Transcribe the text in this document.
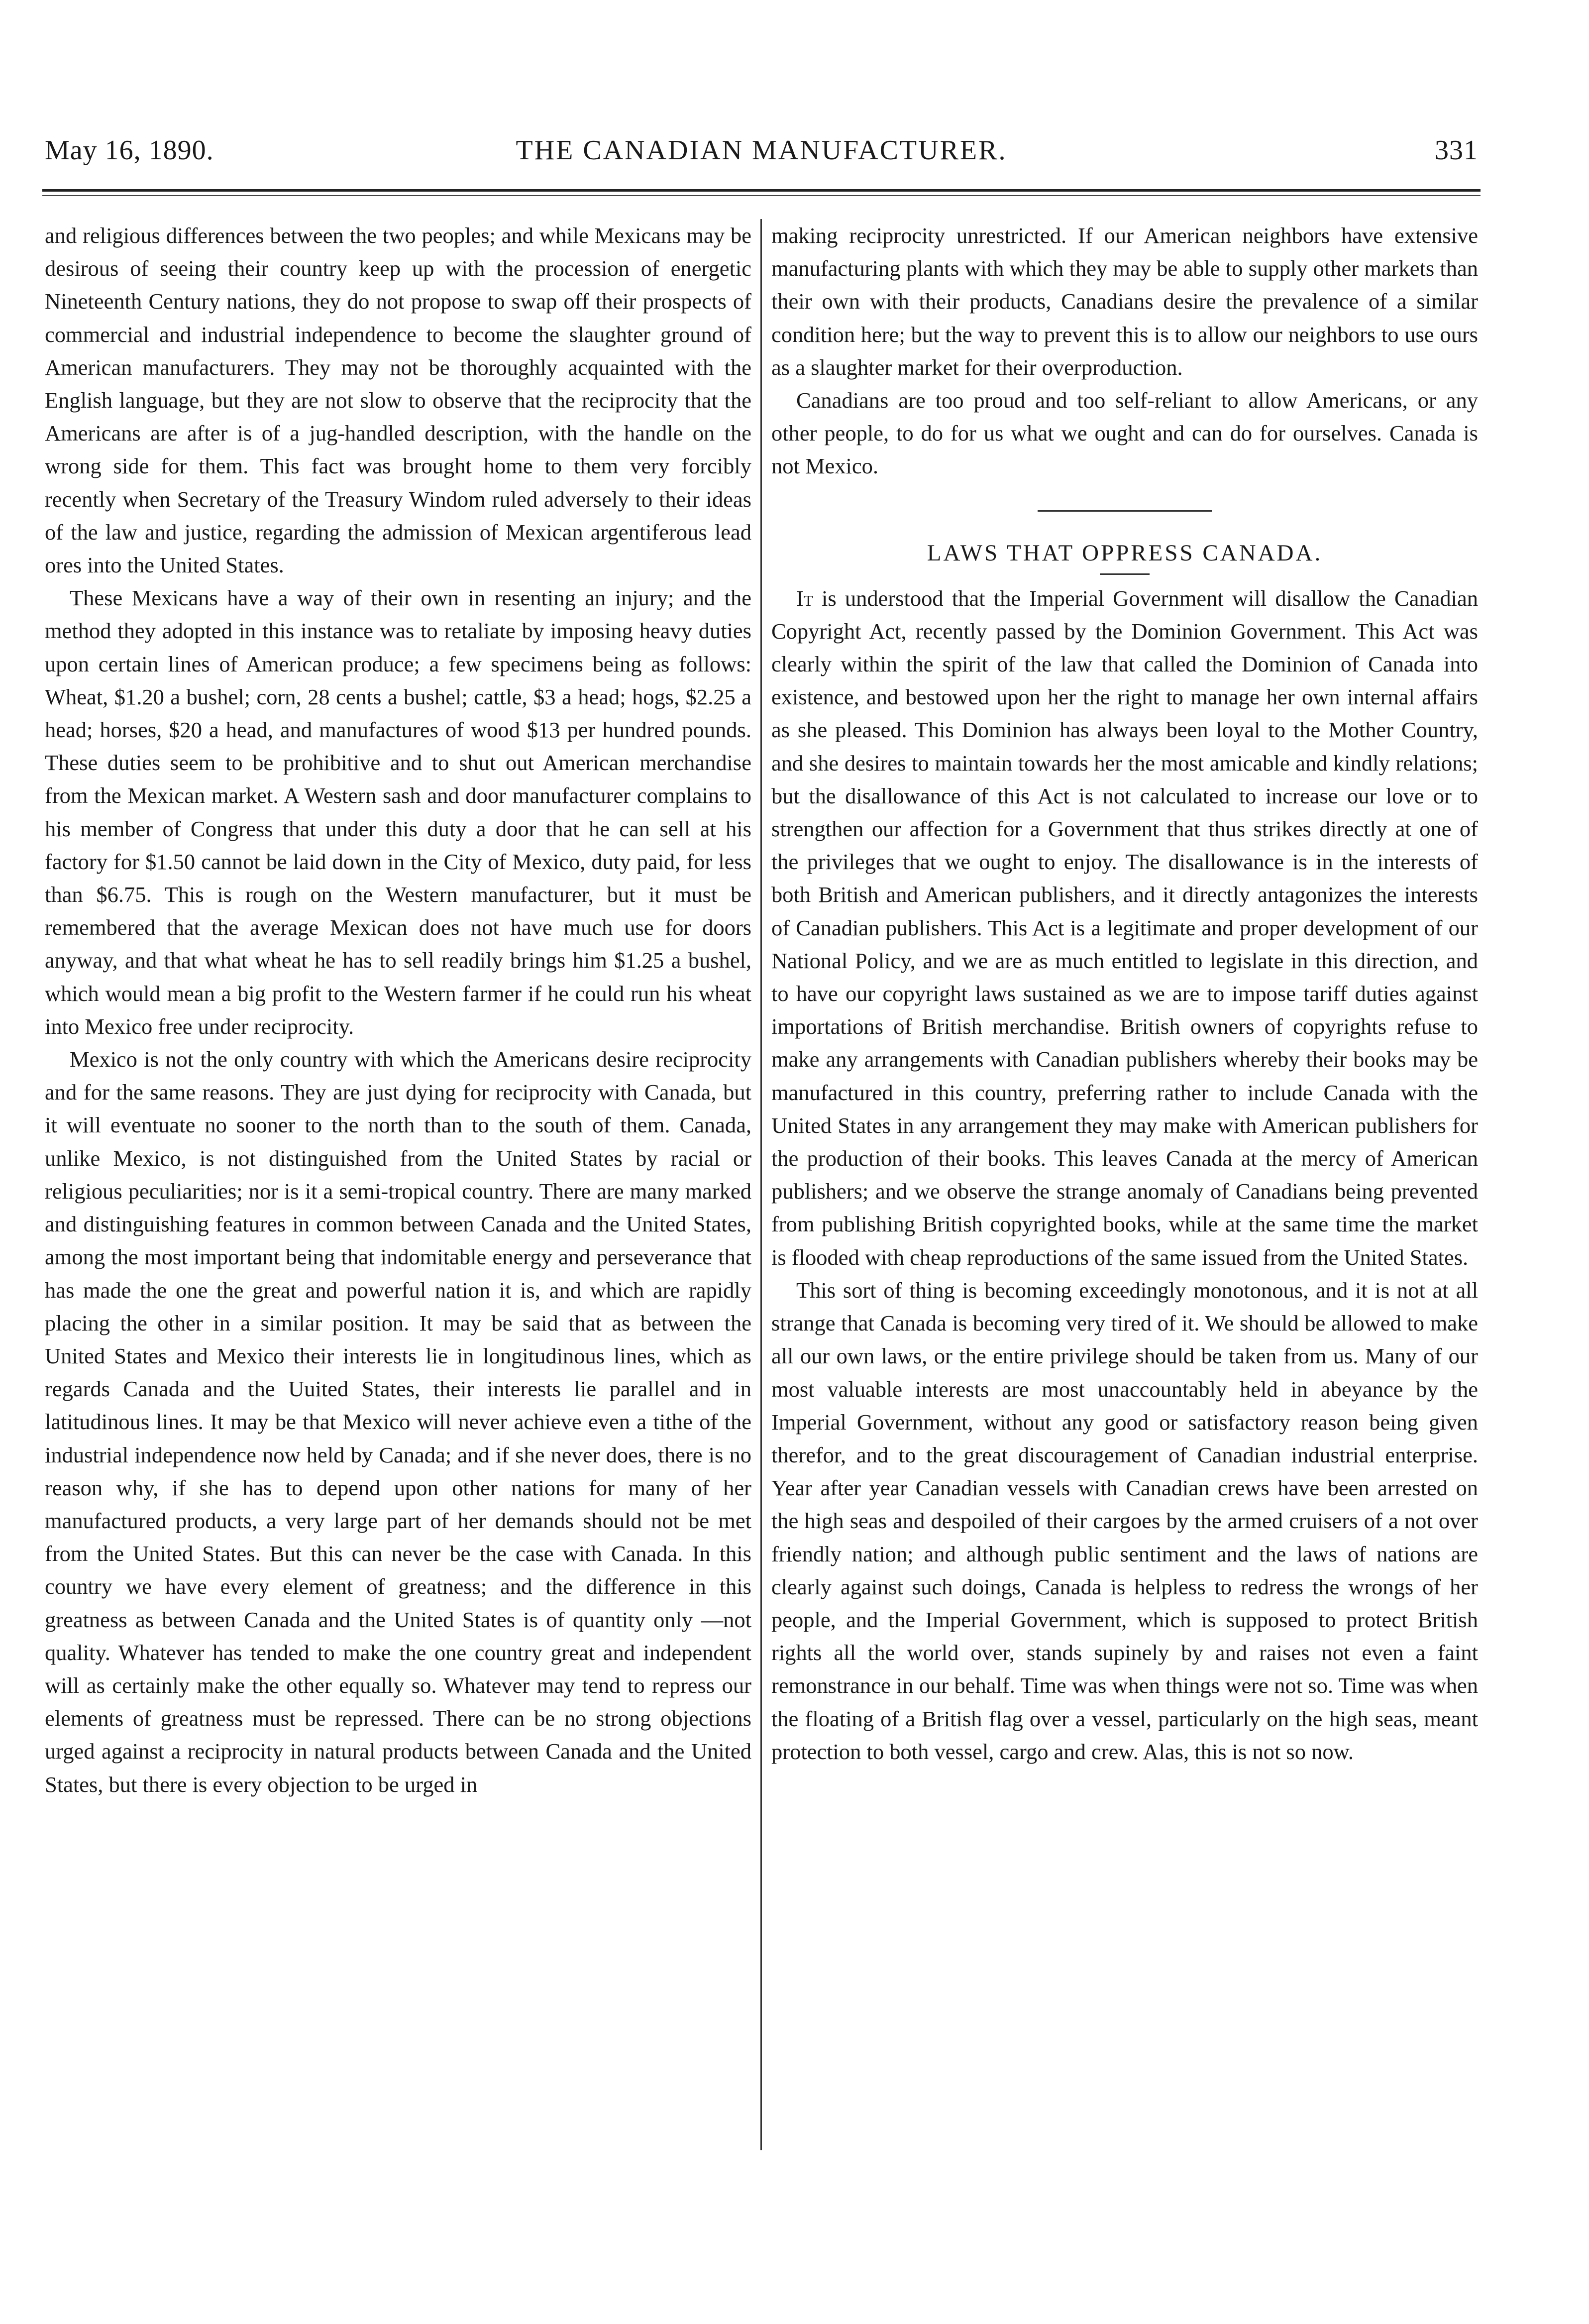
May 16, 1890.	THE CANADIAN MANUFACTURER.	331

and religious differences between the two peoples; and while Mexicans may be desirous of seeing their country keep up with the procession of energetic Nineteenth Century nations, they do not propose to swap off their prospects of commercial and industrial independence to become the slaughter ground of American manufacturers. They may not be thoroughly acquainted with the English language, but they are not slow to observe that the reciprocity that the Americans are after is of a jug-handled description, with the handle on the wrong side for them. This fact was brought home to them very forcibly recently when Secretary of the Treasury Windom ruled adversely to their ideas of the law and justice, regarding the admission of Mexican argentiferous lead ores into the United States.

These Mexicans have a way of their own in resenting an injury; and the method they adopted in this instance was to retaliate by imposing heavy duties upon certain lines of American produce; a few specimens being as follows: Wheat, $1.20 a bushel; corn, 28 cents a bushel; cattle, $3 a head; hogs, $2.25 a head; horses, $20 a head, and manufactures of wood $13 per hundred pounds. These duties seem to be prohibitive and to shut out American merchandise from the Mexican market. A Western sash and door manufacturer complains to his member of Congress that under this duty a door that he can sell at his factory for $1.50 cannot be laid down in the City of Mexico, duty paid, for less than $6.75. This is rough on the Western manufacturer, but it must be remembered that the average Mexican does not have much use for doors anyway, and that what wheat he has to sell readily brings him $1.25 a bushel, which would mean a big profit to the Western farmer if he could run his wheat into Mexico free under reciprocity.

Mexico is not the only country with which the Americans desire reciprocity and for the same reasons. They are just dying for reciprocity with Canada, but it will eventuate no sooner to the north than to the south of them. Canada, unlike Mexico, is not distinguished from the United States by racial or religious peculiarities; nor is it a semi-tropical country. There are many marked and distinguishing features in common between Canada and the United States, among the most important being that indomitable energy and perseverance that has made the one the great and powerful nation it is, and which are rapidly placing the other in a similar position. It may be said that as between the United States and Mexico their interests lie in longitudinous lines, which as regards Canada and the Uuited States, their interests lie parallel and in latitudinous lines. It may be that Mexico will never achieve even a tithe of the industrial independence now held by Canada; and if she never does, there is no reason why, if she has to depend upon other nations for many of her manufactured products, a very large part of her demands should not be met from the United States. But this can never be the case with Canada. In this country we have every element of greatness; and the difference in this greatness as between Canada and the United States is of quantity only —not quality. Whatever has tended to make the one country great and independent will as certainly make the other equally so. Whatever may tend to repress our elements of greatness must be repressed. There can be no strong objections urged against a reciprocity in natural products between Canada and the United States, but there is every objection to be urged in

making reciprocity unrestricted. If our American neighbors have extensive manufacturing plants with which they may be able to supply other markets than their own with their products, Canadians desire the prevalence of a similar condition here; but the way to prevent this is to allow our neighbors to use ours as a slaughter market for their overproduction.

Canadians are too proud and too self-reliant to allow Americans, or any other people, to do for us what we ought and can do for ourselves. Canada is not Mexico.

LAWS THAT OPPRESS CANADA.

It is understood that the Imperial Government will disallow the Canadian Copyright Act, recently passed by the Dominion Government. This Act was clearly within the spirit of the law that called the Dominion of Canada into existence, and bestowed upon her the right to manage her own internal affairs as she pleased. This Dominion has always been loyal to the Mother Country, and she desires to maintain towards her the most amicable and kindly relations; but the disallowance of this Act is not calculated to increase our love or to strengthen our affection for a Government that thus strikes directly at one of the privileges that we ought to enjoy. The disallowance is in the interests of both British and American publishers, and it directly antagonizes the interests of Canadian publishers. This Act is a legitimate and proper development of our National Policy, and we are as much entitled to legislate in this direction, and to have our copyright laws sustained as we are to impose tariff duties against importations of British merchandise. British owners of copyrights refuse to make any arrangements with Canadian publishers whereby their books may be manufactured in this country, preferring rather to include Canada with the United States in any arrangement they may make with American publishers for the production of their books. This leaves Canada at the mercy of American publishers; and we observe the strange anomaly of Canadians being prevented from publishing British copyrighted books, while at the same time the market is flooded with cheap reproductions of the same issued from the United States.

This sort of thing is becoming exceedingly monotonous, and it is not at all strange that Canada is becoming very tired of it. We should be allowed to make all our own laws, or the entire privilege should be taken from us. Many of our most valuable interests are most unaccountably held in abeyance by the Imperial Government, without any good or satisfactory reason being given therefor, and to the great discouragement of Canadian industrial enterprise. Year after year Canadian vessels with Canadian crews have been arrested on the high seas and despoiled of their cargoes by the armed cruisers of a not over friendly nation; and although public sentiment and the laws of nations are clearly against such doings, Canada is helpless to redress the wrongs of her people, and the Imperial Government, which is supposed to protect British rights all the world over, stands supinely by and raises not even a faint remonstrance in our behalf. Time was when things were not so. Time was when the floating of a British flag over a vessel, particularly on the high seas, meant protection to both vessel, cargo and crew. Alas, this is not so now.
